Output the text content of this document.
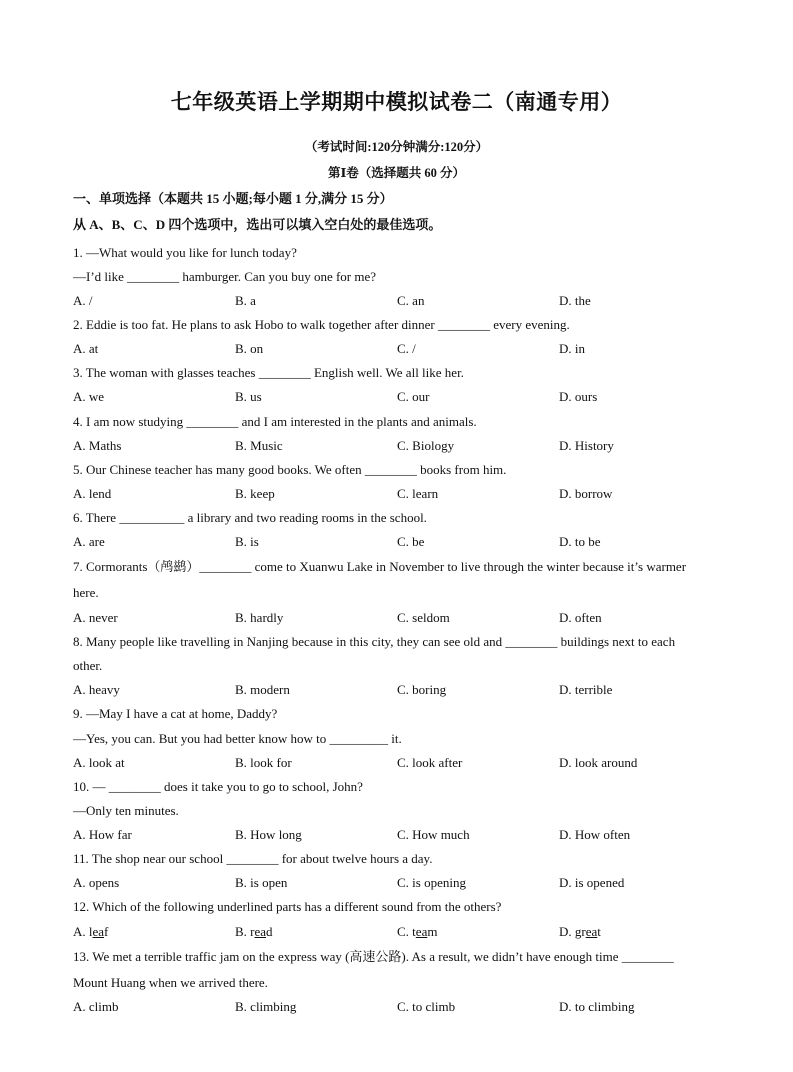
七年级英语上学期期中模拟试卷二（南通专用）
（考试时间:120分钟满分:120分）
第Ⅰ卷（选择题共 60 分）
一、单项选择（本题共 15 小题;每小题 1 分,满分 15 分）
从 A、B、C、D 四个选项中，选出可以填入空白处的最佳选项。
1. —What would you like for lunch today?
—I’d like ________ hamburger. Can you buy one for me?
A. /	B. a	C. an	D. the
2. Eddie is too fat. He plans to ask Hobo to walk together after dinner ________ every evening.
A. at	B. on	C. /	D. in
3. The woman with glasses teaches ________ English well. We all like her.
A. we	B. us	C. our	D. ours
4. I am now studying ________ and I am interested in the plants and animals.
A. Maths	B. Music	C. Biology	D. History
5. Our Chinese teacher has many good books. We often ________ books from him.
A. lend	B. keep	C. learn	D. borrow
6. There __________ a library and two reading rooms in the school.
A. are	B. is	C. be	D. to be
7. Cormorants（鸬鹚）________ come to Xuanwu Lake in November to live through the winter because it’s warmer
here.
A. never	B. hardly	C. seldom	D. often
8. Many people like travelling in Nanjing because in this city, they can see old and ________ buildings next to each
other.
A. heavy	B. modern	C. boring	D. terrible
9. —May I have a cat at home, Daddy?
—Yes, you can. But you had better know how to _________ it.
A. look at	B. look for	C. look after	D. look around
10. — ________ does it take you to go to school, John?
—Only ten minutes.
A. How far	B. How long	C. How much	D. How often
11. The shop near our school ________ for about twelve hours a day.
A. opens	B. is open	C. is opening	D. is opened
12. Which of the following underlined parts has a different sound from the others?
A. leaf	B. read	C. team	D. great
13. We met a terrible traffic jam on the express way (高速公路). As a result, we didn’t have enough time ________
Mount Huang when we arrived there.
A. climb	B. climbing	C. to climb	D. to climbing
